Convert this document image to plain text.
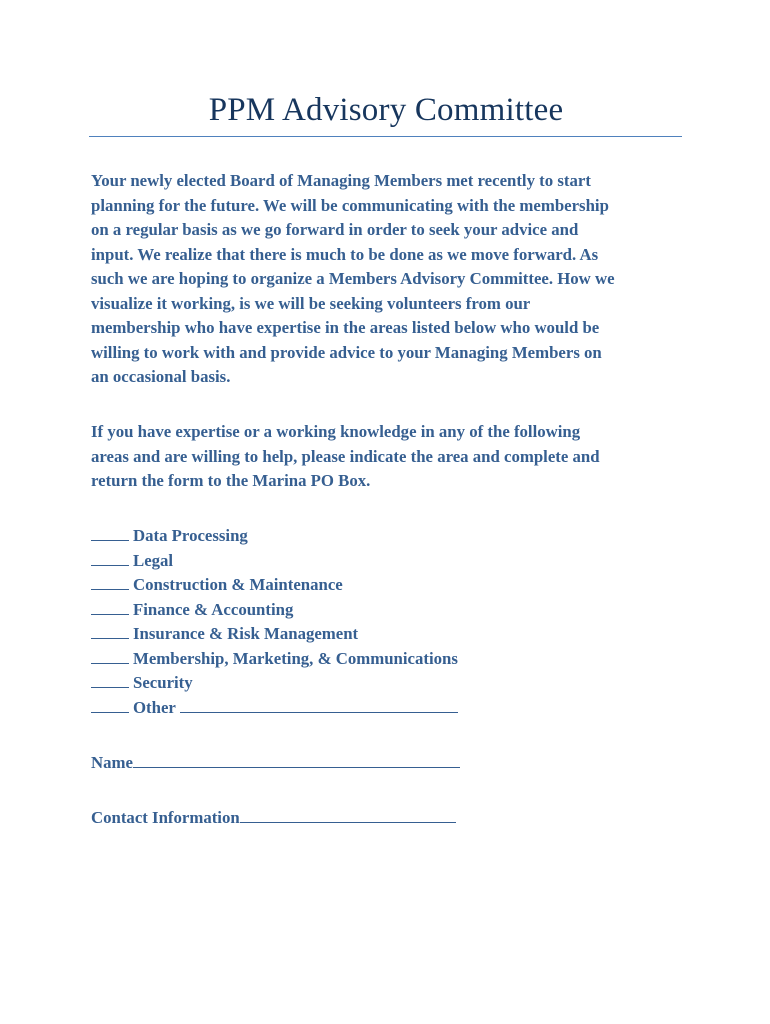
PPM Advisory Committee

Your newly elected Board of Managing Members met recently to start
planning for the future. We will be communicating with the membership
on a regular basis as we go forward in order to seek your advice and
input. We realize that there is much to be done as we move forward. As
such we are hoping to organize a Members Advisory Committee. How we
visualize it working, is we will be seeking volunteers from our
membership who have expertise in the areas listed below who would be
willing to work with and provide advice to your Managing Members on
an occasional basis.

If you have expertise or a working knowledge in any of the following
areas and are willing to help, please indicate the area and complete and
return the form to the Marina PO Box.

Data Processing
Legal
Construction & Maintenance
Finance & Accounting
Insurance & Risk Management
Membership, Marketing, & Communications
Security
Other
Name
Contact Information
